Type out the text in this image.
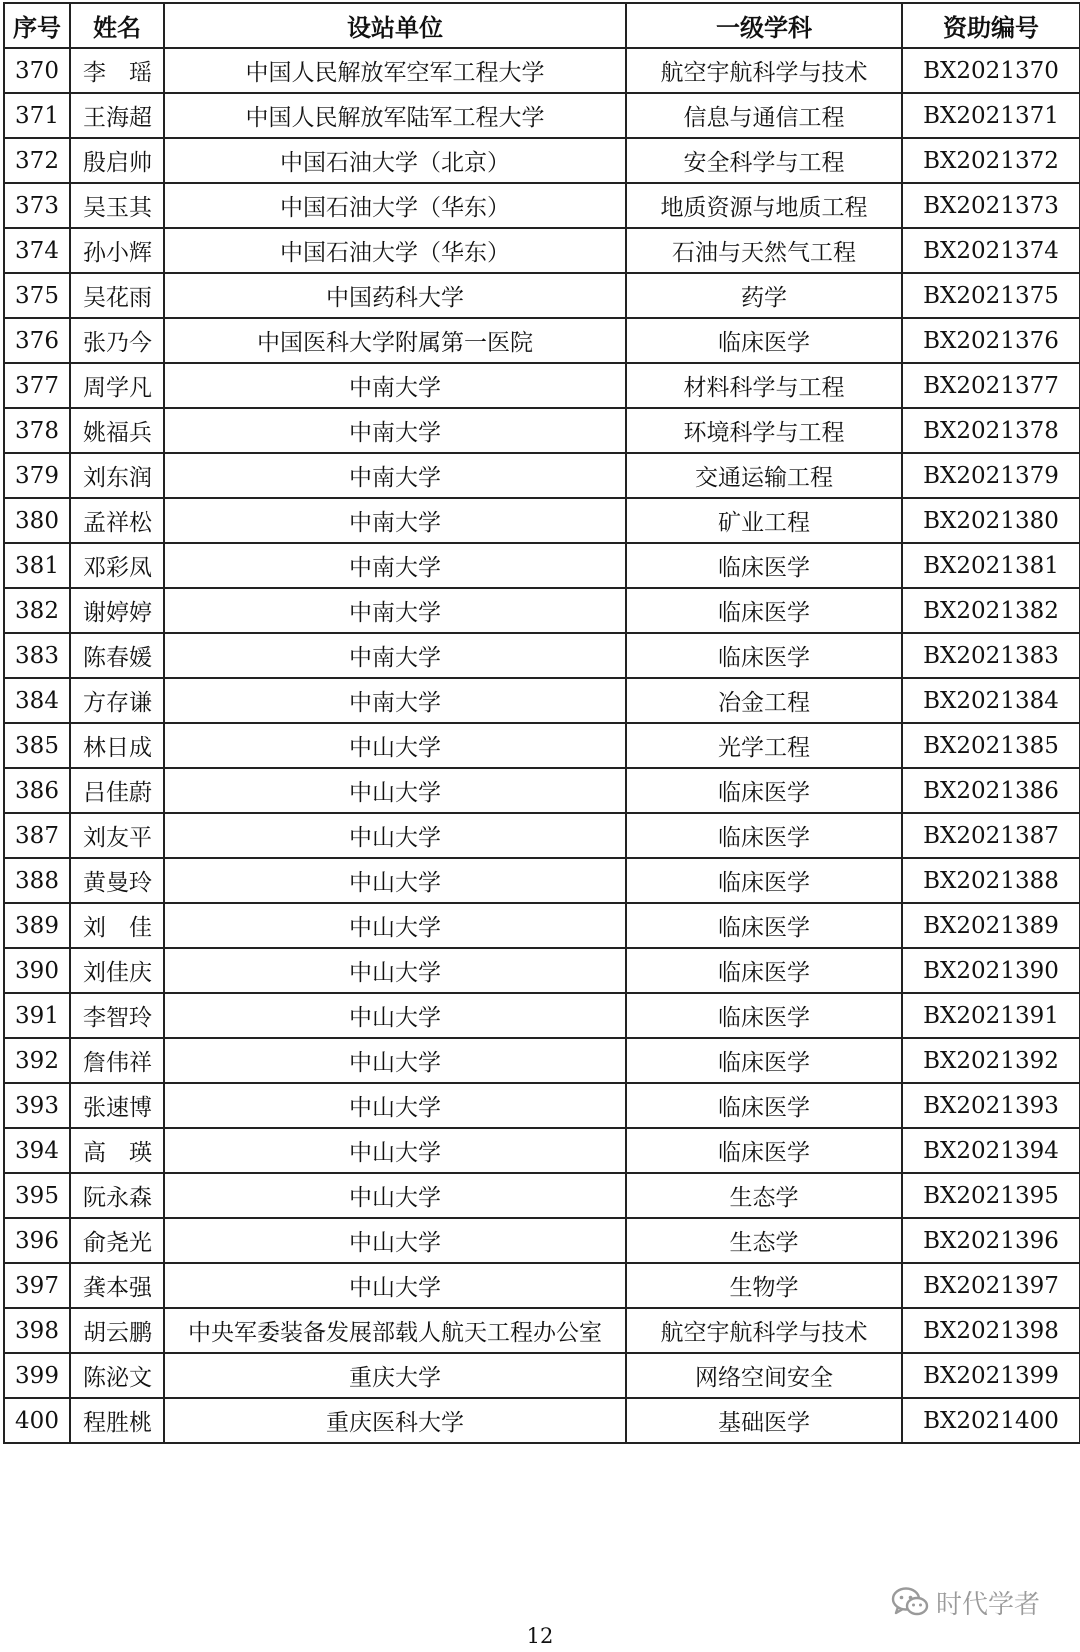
序号	姓名	设站单位	一级学科	资助编号
370	李　瑶	中国人民解放军空军工程大学	航空宇航科学与技术	BX2021370
371	王海超	中国人民解放军陆军工程大学	信息与通信工程	BX2021371
372	殷启帅	中国石油大学（北京）	安全科学与工程	BX2021372
373	吴玉其	中国石油大学（华东）	地质资源与地质工程	BX2021373
374	孙小辉	中国石油大学（华东）	石油与天然气工程	BX2021374
375	吴花雨	中国药科大学	药学	BX2021375
376	张乃今	中国医科大学附属第一医院	临床医学	BX2021376
377	周学凡	中南大学	材料科学与工程	BX2021377
378	姚福兵	中南大学	环境科学与工程	BX2021378
379	刘东润	中南大学	交通运输工程	BX2021379
380	孟祥松	中南大学	矿业工程	BX2021380
381	邓彩凤	中南大学	临床医学	BX2021381
382	谢婷婷	中南大学	临床医学	BX2021382
383	陈春媛	中南大学	临床医学	BX2021383
384	方存谦	中南大学	冶金工程	BX2021384
385	林日成	中山大学	光学工程	BX2021385
386	吕佳蔚	中山大学	临床医学	BX2021386
387	刘友平	中山大学	临床医学	BX2021387
388	黄曼玲	中山大学	临床医学	BX2021388
389	刘　佳	中山大学	临床医学	BX2021389
390	刘佳庆	中山大学	临床医学	BX2021390
391	李智玲	中山大学	临床医学	BX2021391
392	詹伟祥	中山大学	临床医学	BX2021392
393	张速博	中山大学	临床医学	BX2021393
394	高　瑛	中山大学	临床医学	BX2021394
395	阮永森	中山大学	生态学	BX2021395
396	俞尧光	中山大学	生态学	BX2021396
397	龚本强	中山大学	生物学	BX2021397
398	胡云鹏	中央军委装备发展部载人航天工程办公室	航空宇航科学与技术	BX2021398
399	陈泌文	重庆大学	网络空间安全	BX2021399
400	程胜桃	重庆医科大学	基础医学	BX2021400
时代学者
12
